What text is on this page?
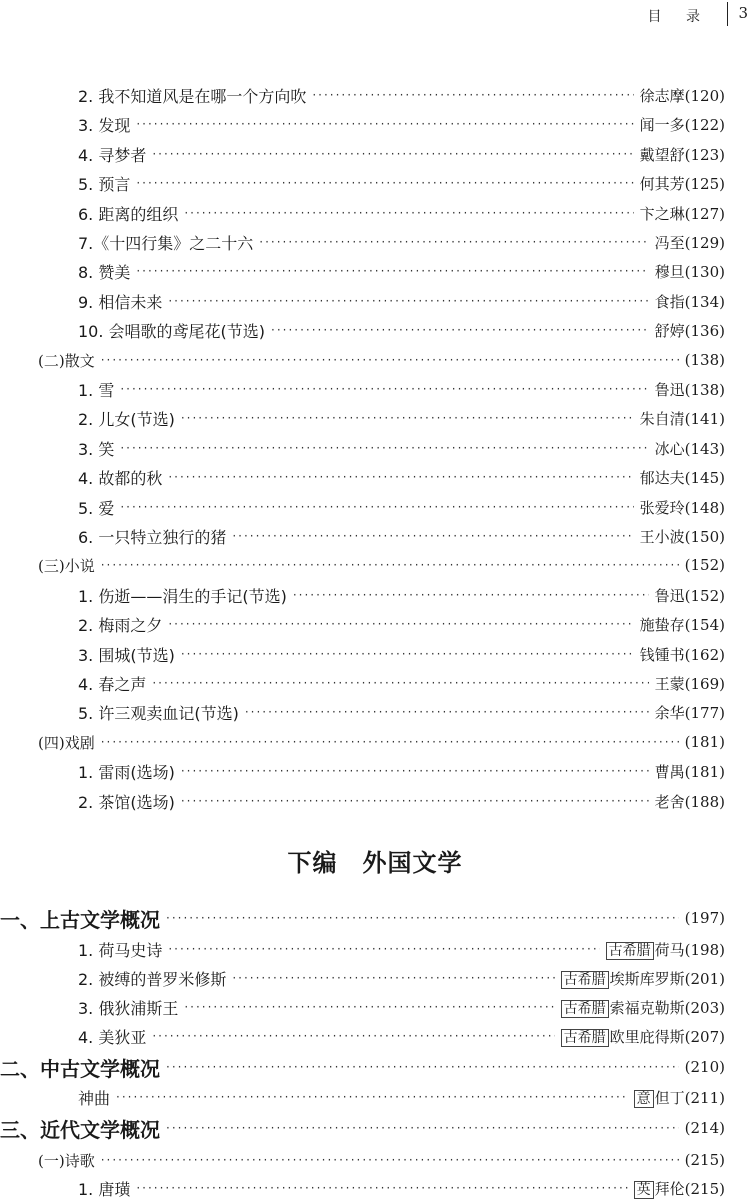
目 录 3
2. 我不知道风是在哪一个方向吹 ·····	徐志摩(120)
3. 发现 ·····	闻一多(122)
4. 寻梦者 ·····	戴望舒(123)
5. 预言 ·····	何其芳(125)
6. 距离的组织 ·····	卞之琳(127)
7.《十四行集》之二十六 ·····	冯至(129)
8. 赞美 ·····	穆旦(130)
9. 相信未来 ·····	食指(134)
10. 会唱歌的鸢尾花(节选) ·····	舒婷(136)
(二)散文 ·····	(138)
1. 雪 ·····	鲁迅(138)
2. 儿女(节选) ·····	朱自清(141)
3. 笑 ·····	冰心(143)
4. 故都的秋 ·····	郁达夫(145)
5. 爱 ·····	张爱玲(148)
6. 一只特立独行的猪 ·····	王小波(150)
(三)小说 ·····	(152)
1. 伤逝——涓生的手记(节选) ·····	鲁迅(152)
2. 梅雨之夕 ·····	施蛰存(154)
3. 围城(节选) ·····	钱锺书(162)
4. 春之声 ·····	王蒙(169)
5. 许三观卖血记(节选) ·····	余华(177)
(四)戏剧 ·····	(181)
1. 雷雨(选场) ·····	曹禺(181)
2. 茶馆(选场) ·····	老舍(188)
一、上古文学概况 ·····	(197)
1. 荷马史诗 ·····	古希腊 荷马(198)
2. 被缚的普罗米修斯 ·····	古希腊 埃斯库罗斯(201)
3. 俄狄浦斯王 ·····	古希腊 索福克勒斯(203)
4. 美狄亚 ·····	古希腊 欧里庇得斯(207)
二、中古文学概况 ·····	(210)
神曲 ·····	意 但丁(211)
三、近代文学概况 ·····	(214)
(一)诗歌 ·····	(215)
1. 唐璜 ·····	英 拜伦(215)
下编　外国文学
